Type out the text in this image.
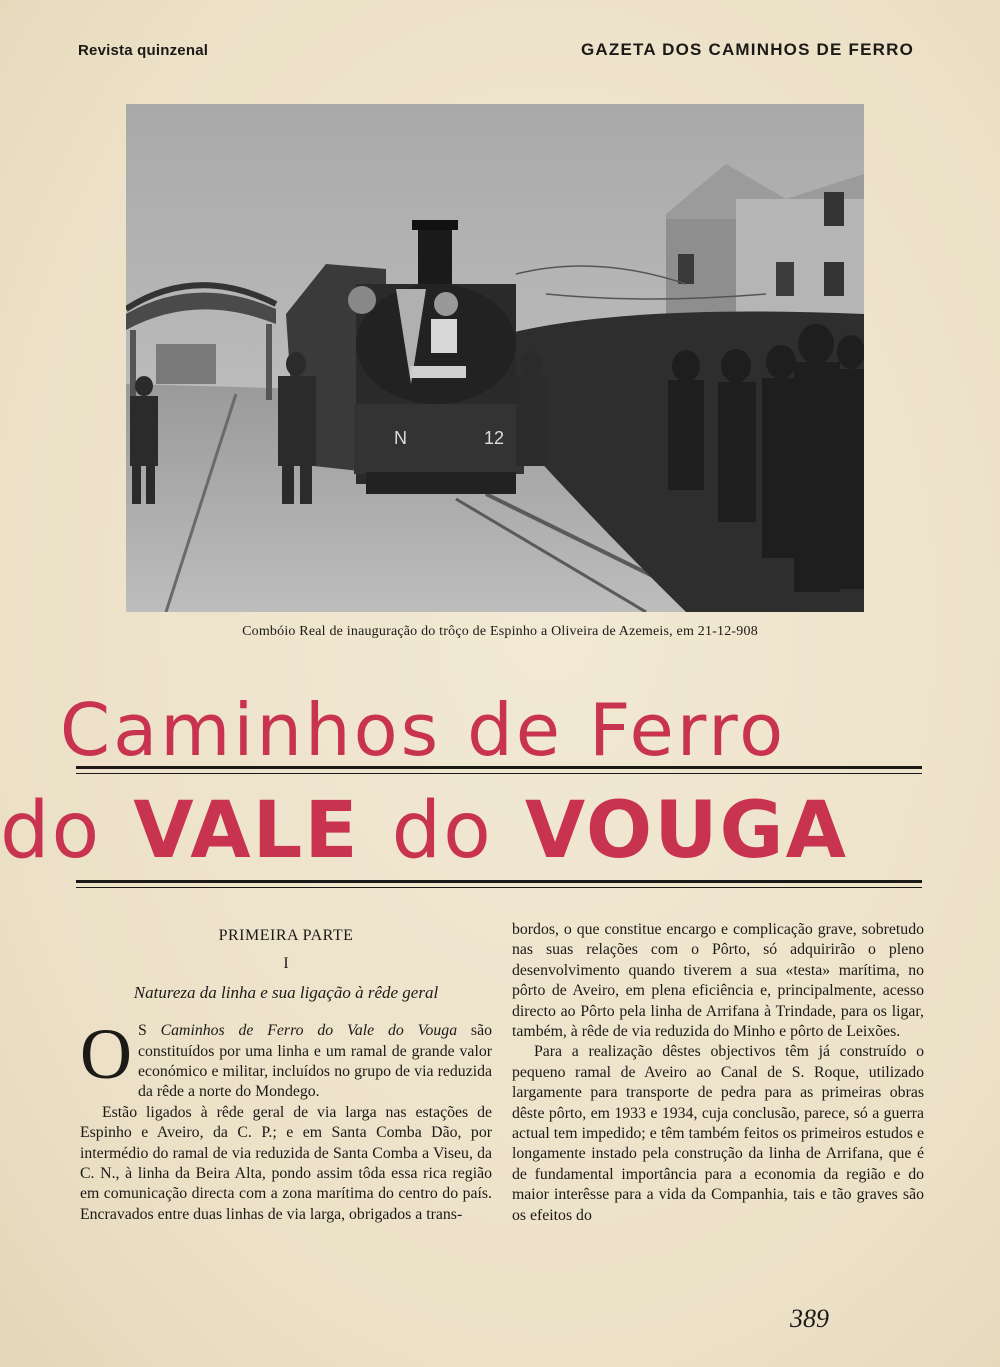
Revista quinzenal	GAZETA DOS CAMINHOS DE FERRO
N	12
Combóio Real de inauguração do trôço de Espinho a Oliveira de Azemeis, em 21-12-908
Caminhos de Ferro
do VALE do VOUGA

PRIMEIRA PARTE

I

Natureza da linha e sua ligação à rêde geral

O S Caminhos de Ferro do Vale do Vouga são constituídos por uma linha e um ramal de grande valor económico e militar, incluídos no grupo de via reduzida da rêde a norte do Mondego.

Estão ligados à rêde geral de via larga nas estações de Espinho e Aveiro, da C. P.; e em Santa Comba Dão, por intermédio do ramal de via reduzida de Santa Comba a Viseu, da C. N., à linha da Beira Alta, pondo assim tôda essa rica região em comunicação directa com a zona marítima do centro do país. Encravados entre duas linhas de via larga, obrigados a trans-

bordos, o que constitue encargo e complicação grave, sobretudo nas suas relações com o Pôrto, só adquirirão o pleno desenvolvimento quando tiverem a sua «testa» marítima, no pôrto de Aveiro, em plena eficiência e, principalmente, acesso directo ao Pôrto pela linha de Arrifana à Trindade, para os ligar, também, à rêde de via reduzida do Minho e pôrto de Leixões.

Para a realização dêstes objectivos têm já construído o pequeno ramal de Aveiro ao Canal de S. Roque, utilizado largamente para transporte de pedra para as primeiras obras dêste pôrto, em 1933 e 1934, cuja conclusão, parece, só a guerra actual tem impedido; e têm também feitos os primeiros estudos e longamente instado pela construção da linha de Arrifana, que é de fundamental importância para a economia da região e do maior interêsse para a vida da Companhia, tais e tão graves são os efeitos do

389
